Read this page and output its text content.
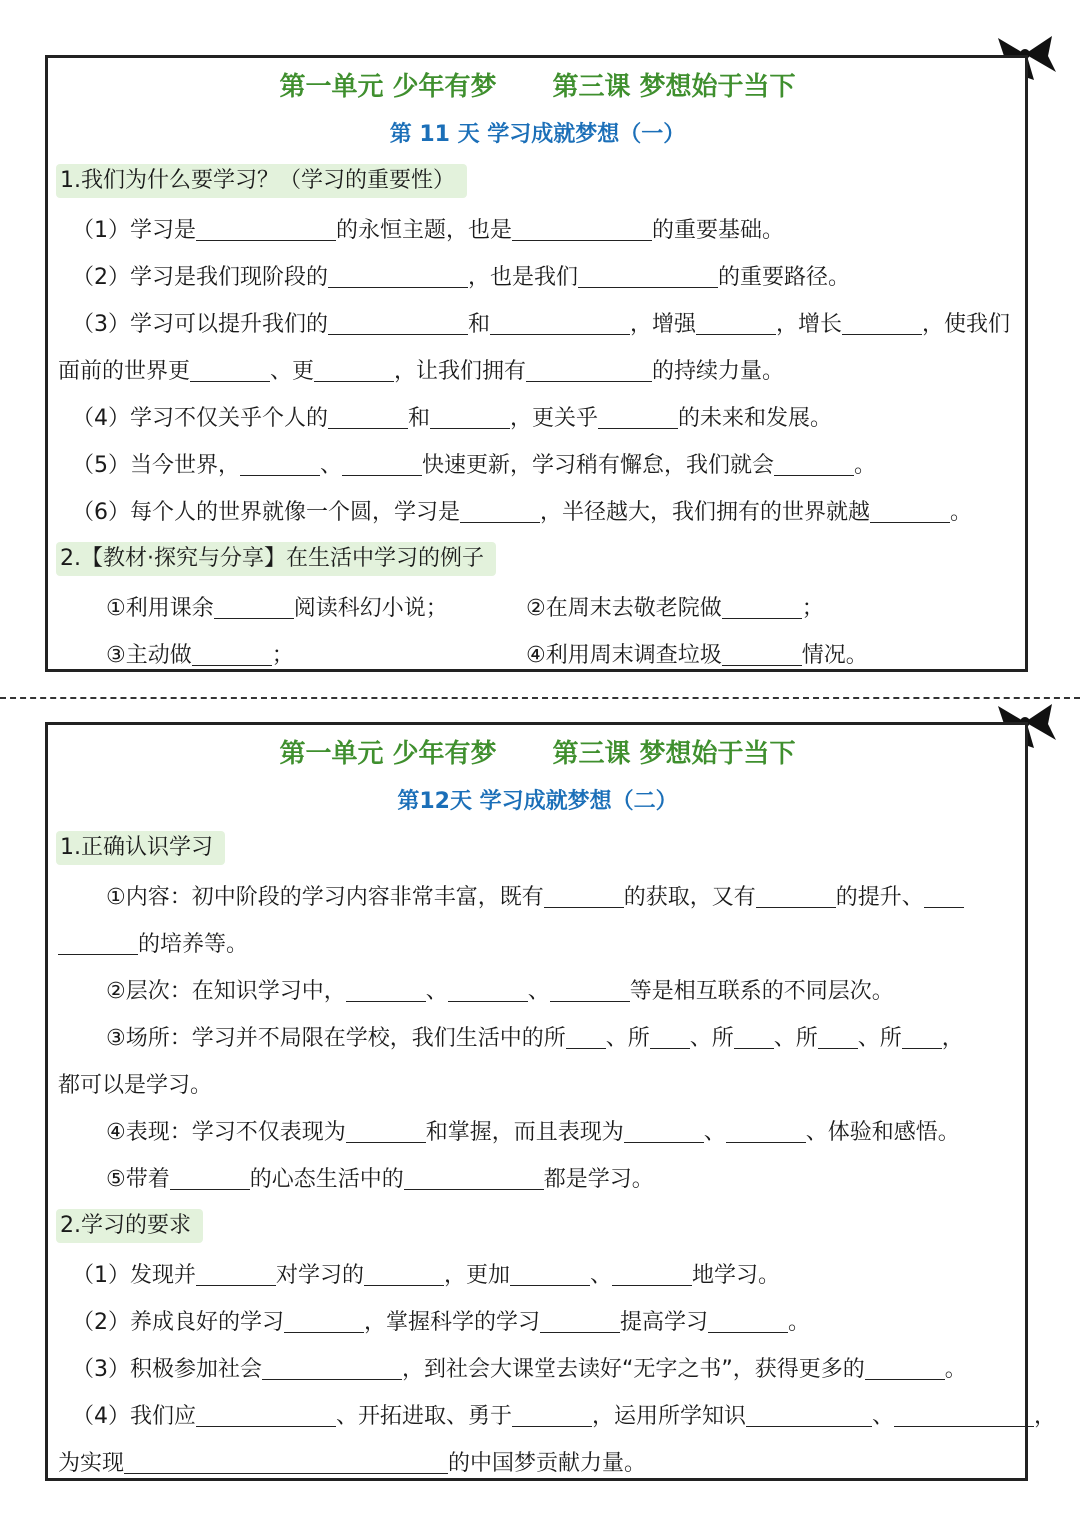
第一单元 少年有梦 第三课 梦想始于当下
第 11 天 学习成就梦想（一）
1.我们为什么要学习？（学习的重要性）
（1）学习是	的永恒主题，也是	的重要基础。
（2）学习是我们现阶段的	，也是我们	的重要路径。
（3）学习可以提升我们的	和	，增强	，增长	，使我们
面前的世界更	、更	，让我们拥有	的持续力量。
（4）学习不仅关乎个人的	和	，更关乎	的未来和发展。
（5）当今世界，	、	快速更新，学习稍有懈怠，我们就会	。
（6）每个人的世界就像一个圆，学习是	，半径越大，我们拥有的世界就越	。
2.【教材·探究与分享】在生活中学习的例子
①利用课余	阅读科幻小说；	②在周末去敬老院做	；
③主动做	；	④利用周末调查垃圾	情况。
第一单元 少年有梦 第三课 梦想始于当下
第12天 学习成就梦想（二）
1.正确认识学习
①内容：初中阶段的学习内容非常丰富，既有	的获取，又有	的提升、
的培养等。
②层次：在知识学习中，	、	、	等是相互联系的不同层次。
③场所：学习并不局限在学校，我们生活中的所 、所 、所 、所 、所 ，
都可以是学习。
④表现：学习不仅表现为	和掌握，而且表现为	、	、体验和感悟。
⑤带着	的心态生活中的	都是学习。
2.学习的要求
（1）发现并	对学习的	，更加	、	地学习。
（2）养成良好的学习	，掌握科学的学习	提高学习	。
（3）积极参加社会	，到社会大课堂去读好“无字之书”，获得更多的	。
（4）我们应	、开拓进取、勇于	，运用所学知识	、	，
为实现	的中国梦贡献力量。
